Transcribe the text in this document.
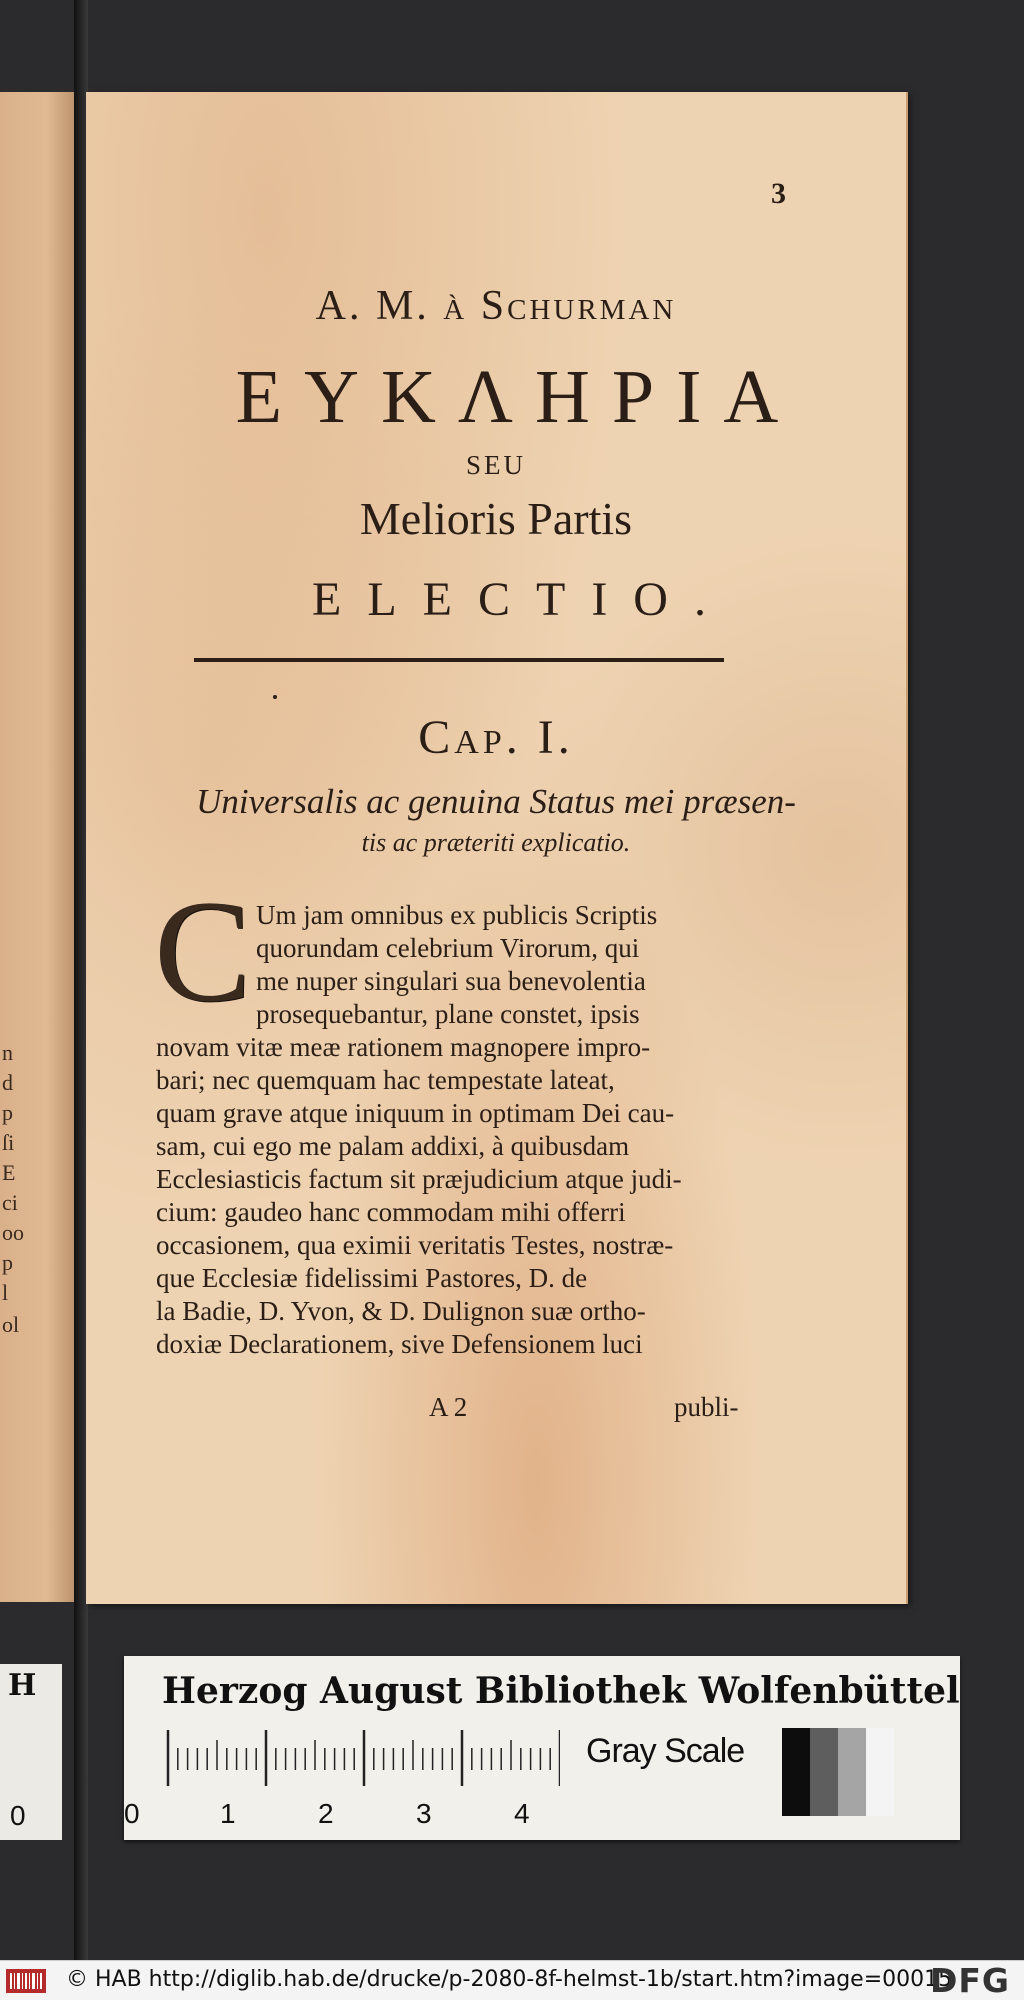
n
d
p
ſi
E
ci
oo
p
l
ol
3
A. M. à Schurman
ΕΥΚΛΗΡΙΑ
SEU
Melioris Partis
ELECTIO.
Cap. I.
Universalis ac genuina Status mei præsen-
tis ac præteriti explicatio.
C Um jam omnibus ex publicis Scriptis
quorundam celebrium Virorum, qui
me nuper singulari sua benevolentia
prosequebantur, plane constet, ipsis
novam vitæ meæ rationem magnopere impro-
bari; nec quemquam hac tempestate lateat,
quam grave atque iniquum in optimam Dei cau-
sam, cui ego me palam addixi, à quibusdam
Ecclesiasticis factum sit præjudicium atque judi-
cium: gaudeo hanc commodam mihi offerri
occasionem, qua eximii veritatis Testes, nostræ-
que Ecclesiæ fidelissimi Pastores, D. de
la Badie, D. Yvon, & D. Dulignon suæ ortho-
doxiæ Declarationem, sive Defensionem luci
A 2	publi-
H
0
Herzog August Bibliothek Wolfenbüttel
0	1	2	3	4
Gray Scale
© HAB http://diglib.hab.de/drucke/p-2080-8f-helmst-1b/start.htm?image=00015
DFG
